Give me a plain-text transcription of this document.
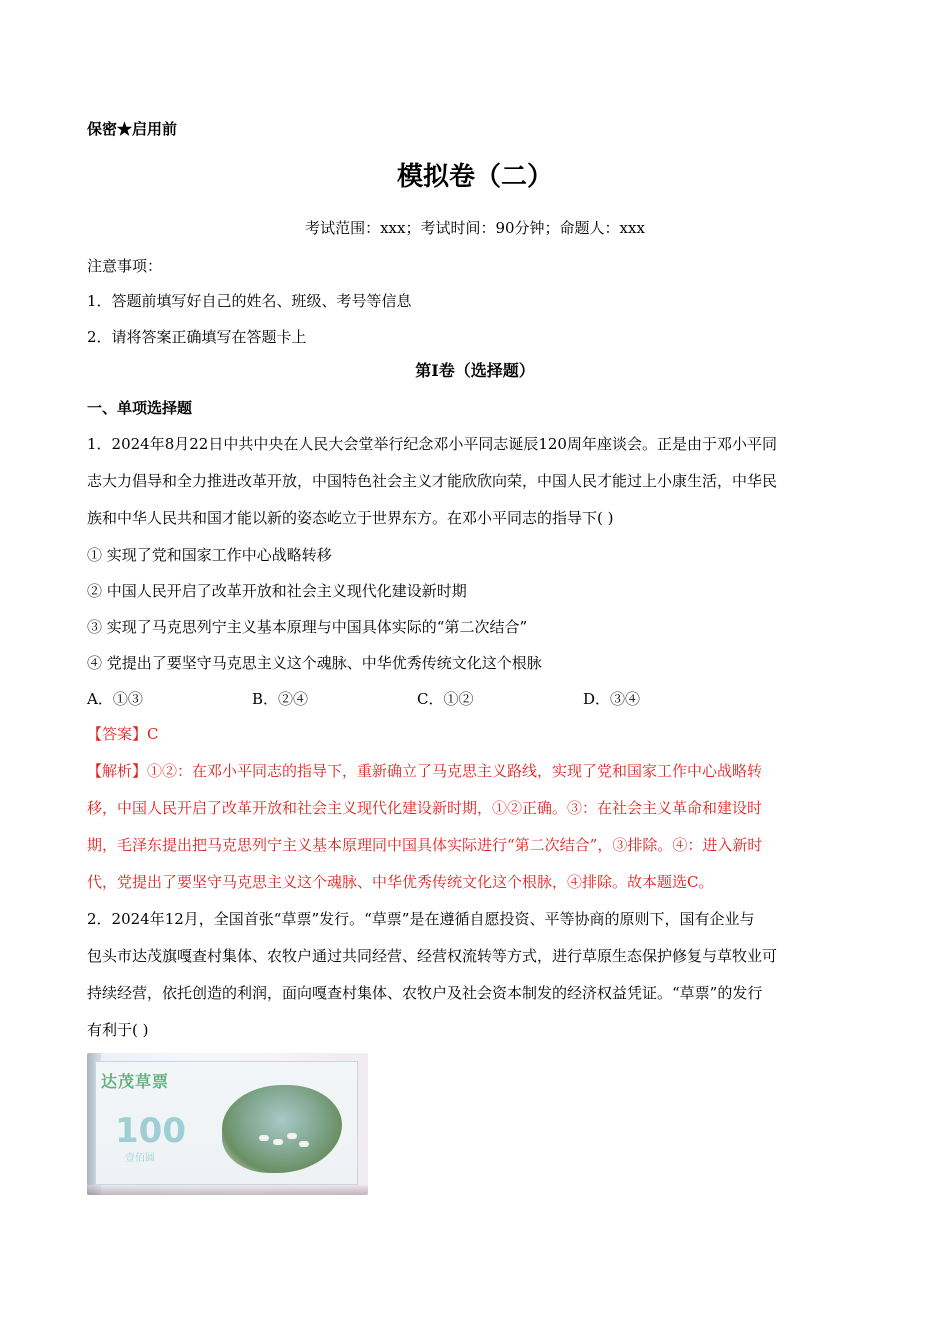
保密★启用前
模拟卷（二）
考试范围：xxx；考试时间：90分钟；命题人：xxx
注意事项：
1．答题前填写好自己的姓名、班级、考号等信息
2．请将答案正确填写在答题卡上
第I卷（选择题）
一、单项选择题
1．2024年8月22日中共中央在人民大会堂举行纪念邓小平同志诞辰120周年座谈会。正是由于邓小平同
志大力倡导和全力推进改革开放，中国特色社会主义才能欣欣向荣，中国人民才能过上小康生活，中华民
族和中华人民共和国才能以新的姿态屹立于世界东方。在邓小平同志的指导下( )
① 实现了党和国家工作中心战略转移
② 中国人民开启了改革开放和社会主义现代化建设新时期
③ 实现了马克思列宁主义基本原理与中国具体实际的“第二次结合”
④ 党提出了要坚守马克思主义这个魂脉、中华优秀传统文化这个根脉
A．①③	B．②④	C．①②	D．③④
【答案】C
【解析】①②：在邓小平同志的指导下，重新确立了马克思主义路线，实现了党和国家工作中心战略转
移，中国人民开启了改革开放和社会主义现代化建设新时期，①②正确。③：在社会主义革命和建设时
期，毛泽东提出把马克思列宁主义基本原理同中国具体实际进行“第二次结合”，③排除。④：进入新时
代，党提出了要坚守马克思主义这个魂脉、中华优秀传统文化这个根脉，④排除。故本题选C。
2．2024年12月，全国首张“草票”发行。“草票”是在遵循自愿投资、平等协商的原则下，国有企业与
包头市达茂旗嘎查村集体、农牧户通过共同经营、经营权流转等方式，进行草原生态保护修复与草牧业可
持续经营，依托创造的利润，面向嘎查村集体、农牧户及社会资本制发的经济权益凭证。“草票”的发行
有利于( )
达茂草票
100
壹佰圆
